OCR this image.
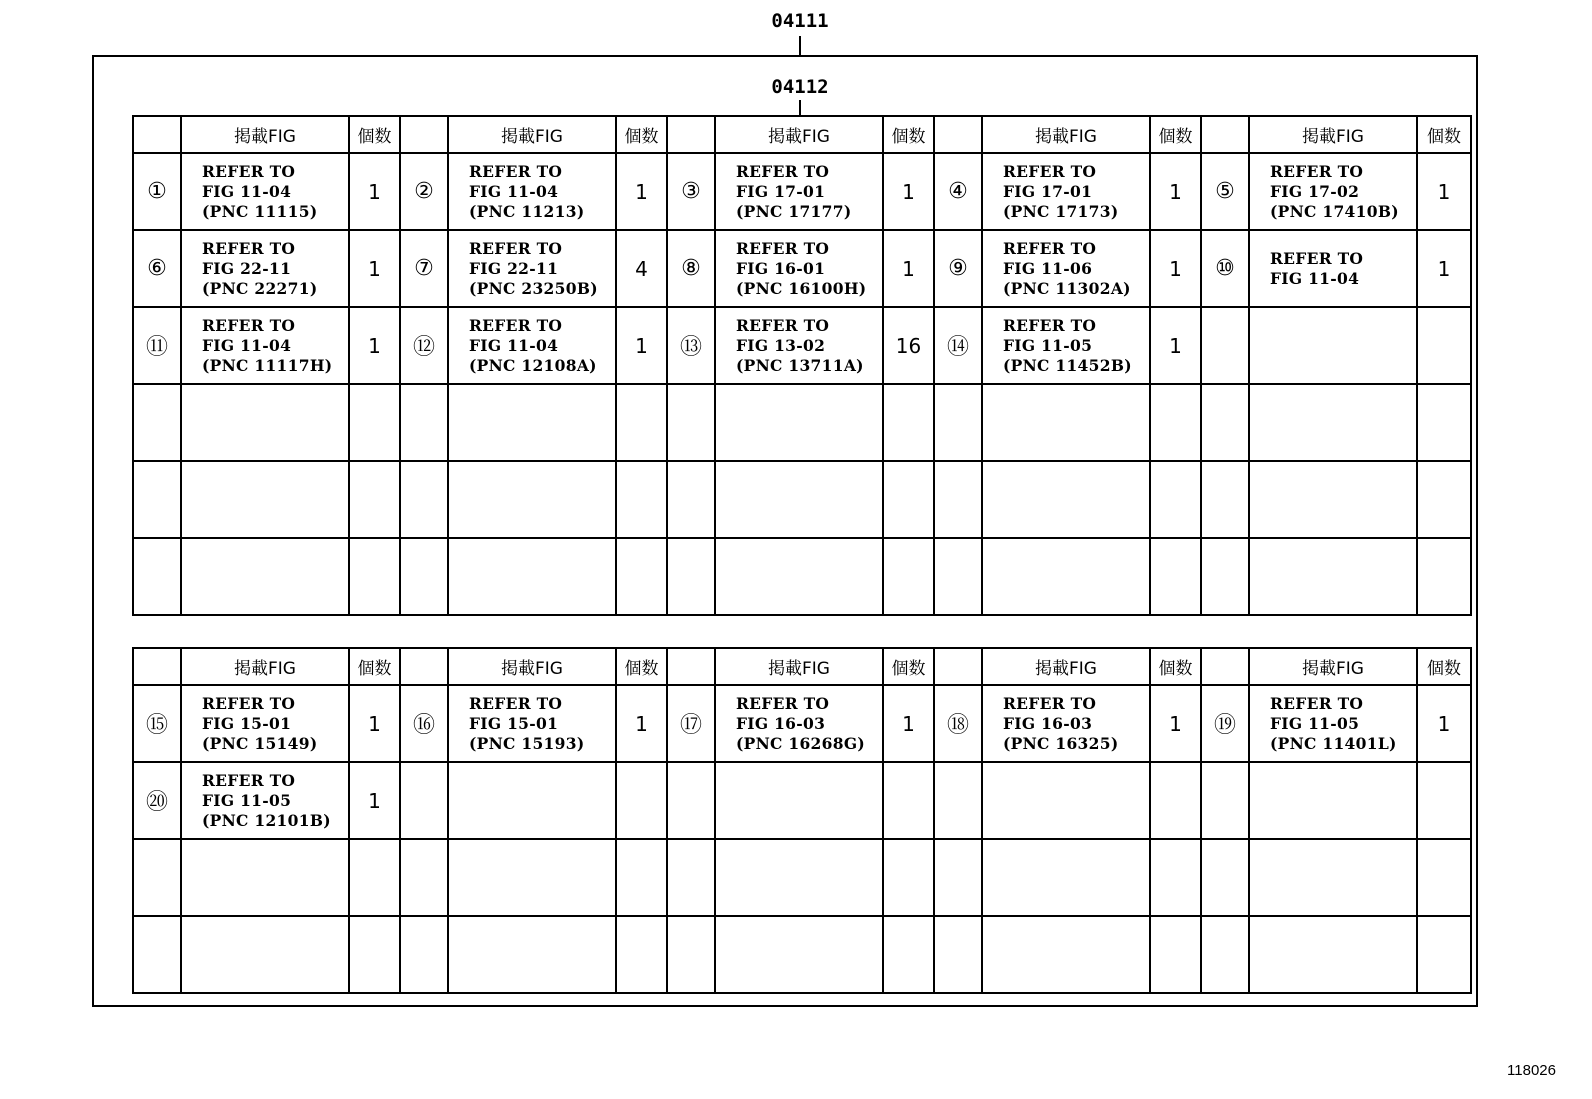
04111
04112
	掲載FIG	個数		掲載FIG	個数		掲載FIG	個数		掲載FIG	個数		掲載FIG	個数
①	REFER TO
FIG 11-04
(PNC 11115)	1	②	REFER TO
FIG 11-04
(PNC 11213)	1	③	REFER TO
FIG 17-01
(PNC 17177)	1	④	REFER TO
FIG 17-01
(PNC 17173)	1	⑤	REFER TO
FIG 17-02
(PNC 17410B)	1
⑥	REFER TO
FIG 22-11
(PNC 22271)	1	⑦	REFER TO
FIG 22-11
(PNC 23250B)	4	⑧	REFER TO
FIG 16-01
(PNC 16100H)	1	⑨	REFER TO
FIG 11-06
(PNC 11302A)	1	⑩	REFER TO
FIG 11-04	1
⑪	REFER TO
FIG 11-04
(PNC 11117H)	1	⑫	REFER TO
FIG 11-04
(PNC 12108A)	1	⑬	REFER TO
FIG 13-02
(PNC 13711A)	16	⑭	REFER TO
FIG 11-05
(PNC 11452B)	1		

	掲載FIG	個数		掲載FIG	個数		掲載FIG	個数		掲載FIG	個数		掲載FIG	個数
⑮	REFER TO
FIG 15-01
(PNC 15149)	1	⑯	REFER TO
FIG 15-01
(PNC 15193)	1	⑰	REFER TO
FIG 16-03
(PNC 16268G)	1	⑱	REFER TO
FIG 16-03
(PNC 16325)	1	⑲	REFER TO
FIG 11-05
(PNC 11401L)	1
⑳	REFER TO
FIG 11-05
(PNC 12101B)	1		

118026
